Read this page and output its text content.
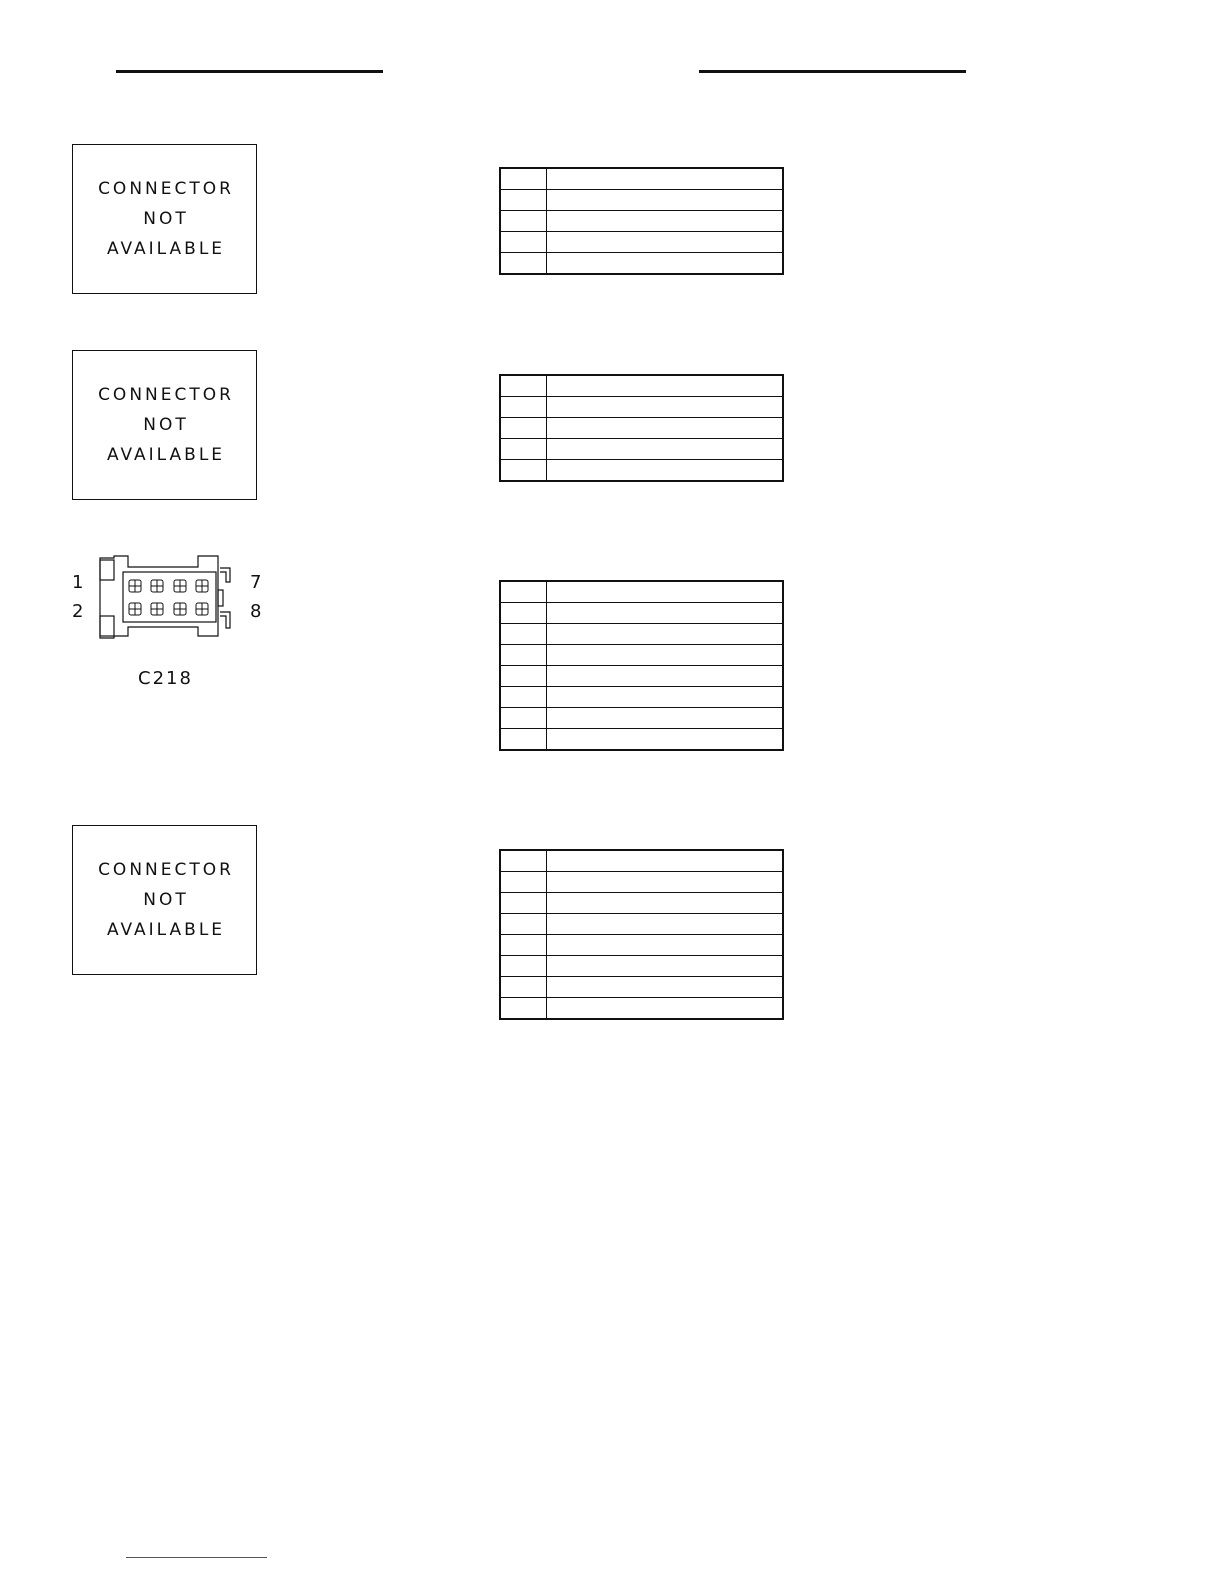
CONNECTOR
NOT
AVAILABLE

CONNECTOR
NOT
AVAILABLE

1
2
7
8
C218

CONNECTOR
NOT
AVAILABLE
